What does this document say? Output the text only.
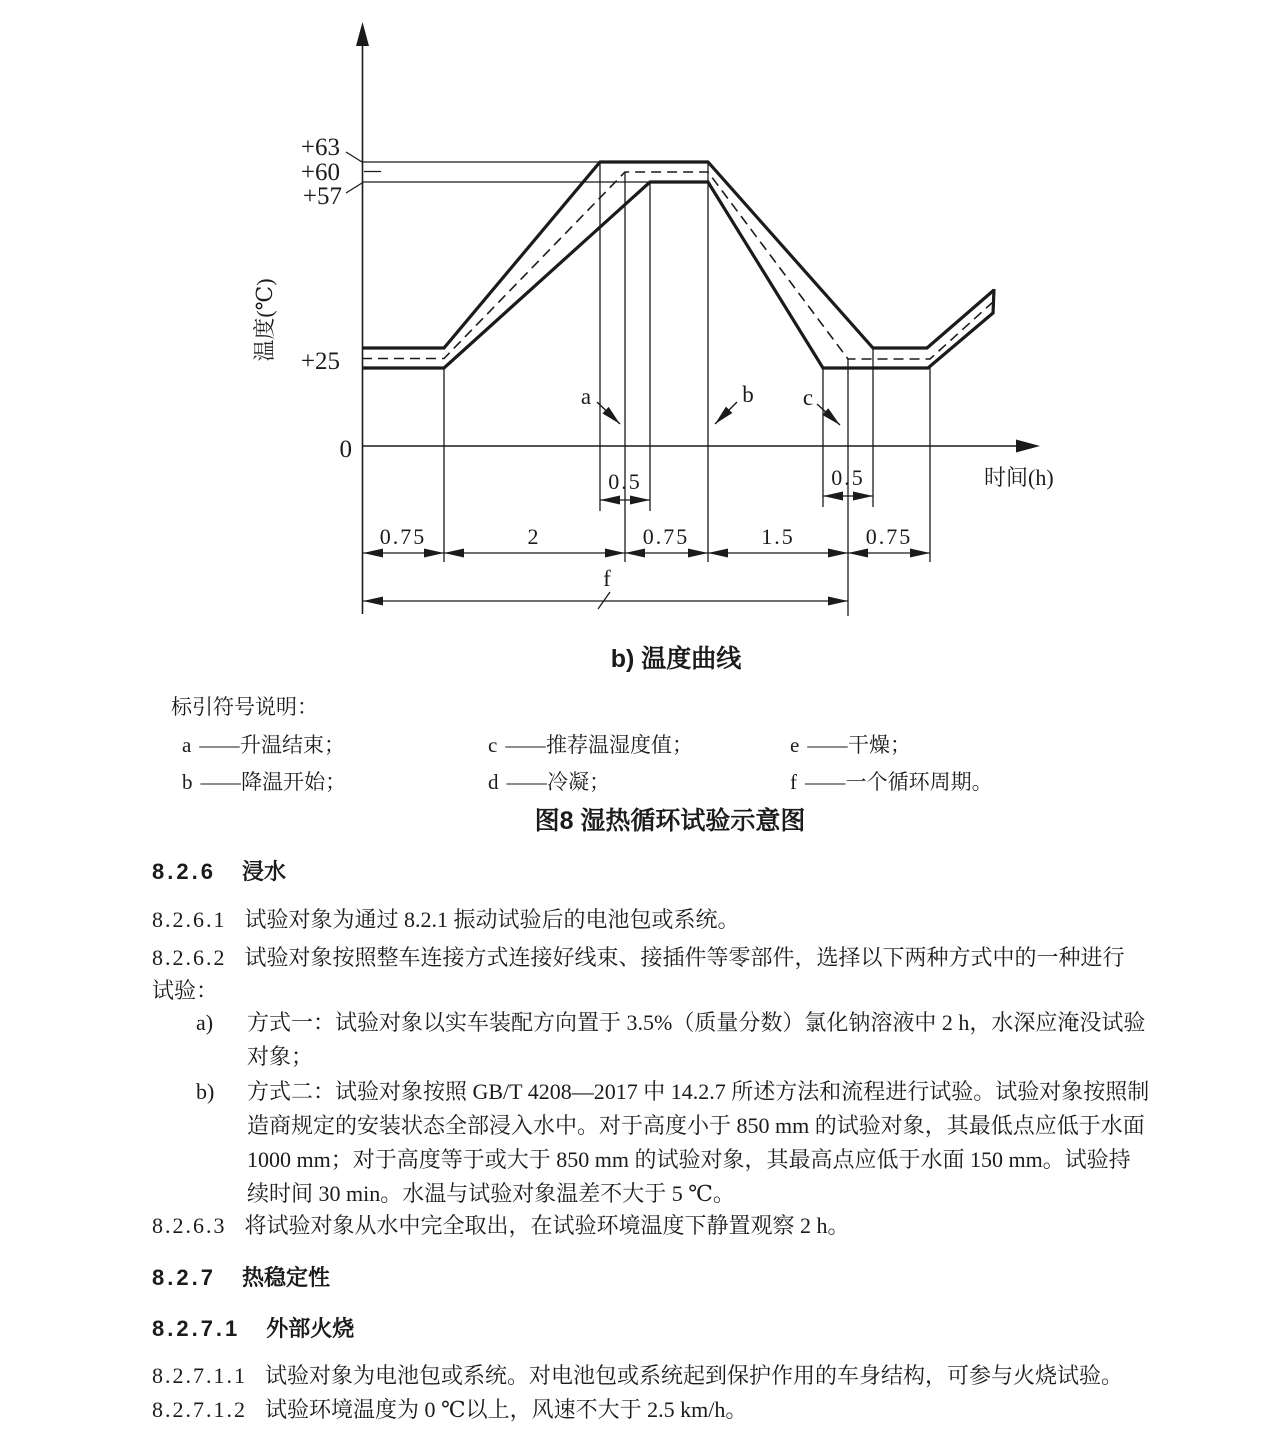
+63
+60
+57
+25
0
温度(℃)
时间(h)
a	b c
f
0.5	0.5
0.75	2	0.75	1.5	0.75
b) 温度曲线
标引符号说明：
a ——升温结束；
b ——降温开始；
c ——推荐温湿度值；
d ——冷凝；
e ——干燥；
f ——一个循环周期。
图8 湿热循环试验示意图
8.2.6 浸水
8.2.6.1 试验对象为通过 8.2.1 振动试验后的电池包或系统。
8.2.6.2 试验对象按照整车连接方式连接好线束、接插件等零部件，选择以下两种方式中的一种进行
试验：
a) 方式一：试验对象以实车装配方向置于 3.5%（质量分数）氯化钠溶液中 2 h，水深应淹没试验
对象；
b) 方式二：试验对象按照 GB/T 4208—2017 中 14.2.7 所述方法和流程进行试验。试验对象按照制
造商规定的安装状态全部浸入水中。对于高度小于 850 mm 的试验对象，其最低点应低于水面
1000 mm；对于高度等于或大于 850 mm 的试验对象，其最高点应低于水面 150 mm。试验持
续时间 30 min。水温与试验对象温差不大于 5 ℃。
8.2.6.3 将试验对象从水中完全取出，在试验环境温度下静置观察 2 h。
8.2.7 热稳定性
8.2.7.1 外部火烧
8.2.7.1.1 试验对象为电池包或系统。对电池包或系统起到保护作用的车身结构，可参与火烧试验。
8.2.7.1.2 试验环境温度为 0 ℃以上，风速不大于 2.5 km/h。
